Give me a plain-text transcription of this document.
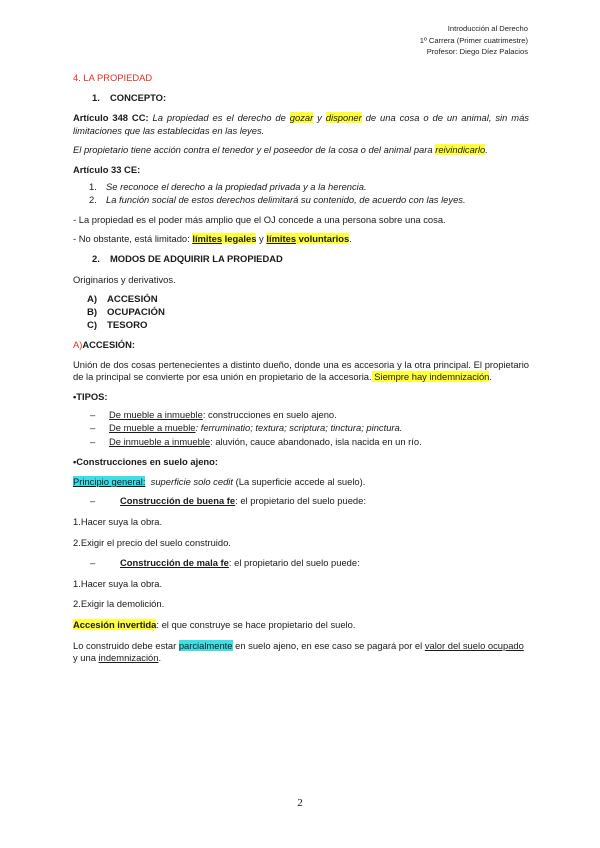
Introducción al Derecho
1º Carrera (Primer cuatrimestre)
Profesor: Diego Díez Palacios
4. LA PROPIEDAD
1. CONCEPTO:
Artículo 348 CC: La propiedad es el derecho de gozar y disponer de una cosa o de un animal, sin más limitaciones que las establecidas en las leyes.
El propietario tiene acción contra el tenedor y el poseedor de la cosa o del animal para reivindicarlo.
Artículo 33 CE:
1. Se reconoce el derecho a la propiedad privada y a la herencia.
2. La función social de estos derechos delimitará su contenido, de acuerdo con las leyes.
- La propiedad es el poder más amplio que el OJ concede a una persona sobre una cosa.
- No obstante, está limitado: límites legales y límites voluntarios.
2. MODOS DE ADQUIRIR LA PROPIEDAD
Originarios y derivativos.
A) ACCESIÓN
B) OCUPACIÓN
C) TESORO
A)ACCESIÓN:
Unión de dos cosas pertenecientes a distinto dueño, donde una es accesoria y la otra principal. El propietario de la principal se convierte por esa unión en propietario de la accesoria. Siempre hay indemnización.
•TIPOS:
– De mueble a inmueble: construcciones en suelo ajeno.
– De mueble a mueble: ferruminatio; textura; scriptura; tinctura; pinctura.
– De inmueble a inmueble: aluvión, cauce abandonado, isla nacida en un río.
•Construcciones en suelo ajeno:
Principio general: superficie solo cedit (La superficie accede al suelo).
–	Construcción de buena fe: el propietario del suelo puede:
1.Hacer suya la obra.
2.Exigir el precio del suelo construido.
–	Construcción de mala fe: el propietario del suelo puede:
1.Hacer suya la obra.
2.Exigir la demolición.
Accesión invertida: el que construye se hace propietario del suelo.
Lo construido debe estar parcialmente en suelo ajeno, en ese caso se pagará por el valor del suelo ocupado y una indemnización.
2
